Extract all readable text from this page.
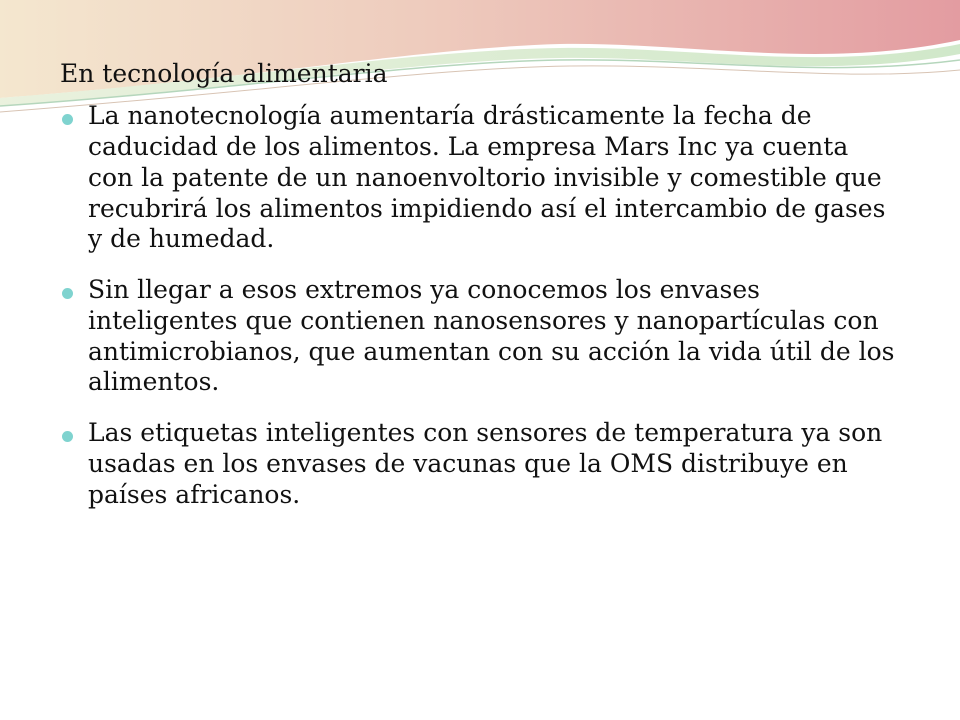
En tecnología alimentaria
La nanotecnología aumentaría drásticamente la fecha de caducidad de los alimentos. La empresa Mars Inc ya cuenta con la patente de un nanoenvoltorio invisible y comestible que recubrirá los alimentos impidiendo así el intercambio de gases y de humedad.
Sin llegar a esos extremos ya conocemos los envases inteligentes que contienen nanosensores y nanopartículas con antimicrobianos, que aumentan con su acción la vida útil de los alimentos.
Las etiquetas inteligentes con sensores de temperatura ya son usadas en los envases de vacunas que la OMS distribuye en países africanos.
